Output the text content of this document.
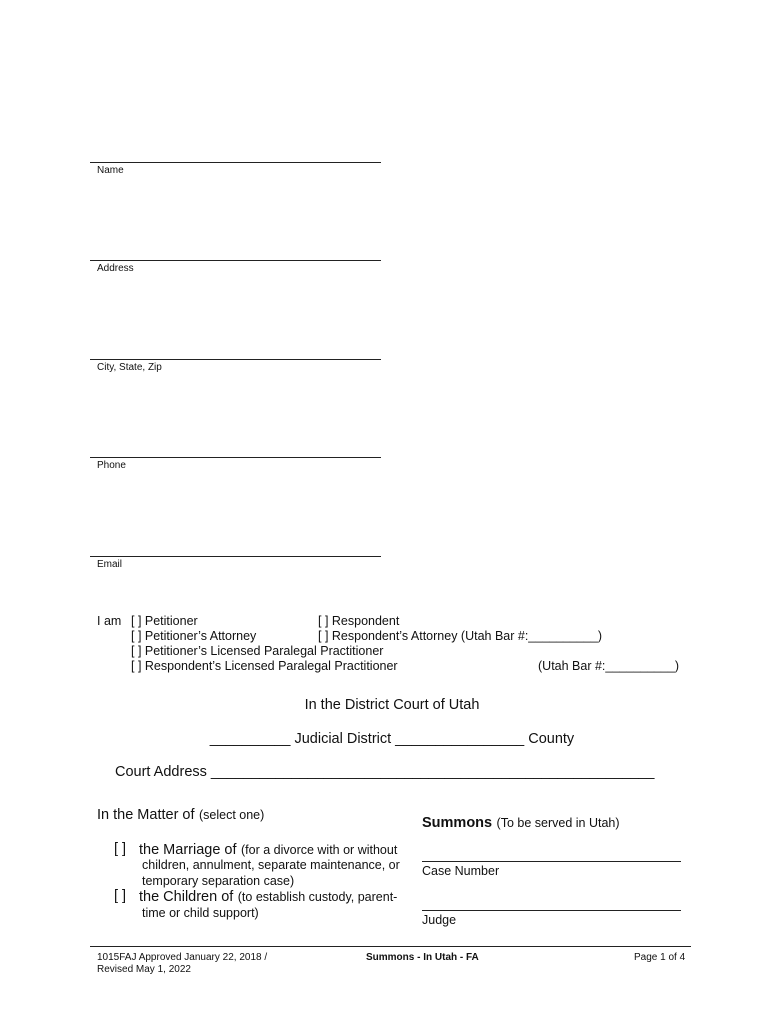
Name
Address
City, State, Zip
Phone
Email
I am [ ] Petitioner	[ ] Respondent
[ ] Petitioner’s Attorney	[ ] Respondent’s Attorney (Utah Bar #:__________)
[ ] Petitioner’s Licensed Paralegal Practitioner
[ ] Respondent’s Licensed Paralegal Practitioner	(Utah Bar #:__________)
In the District Court of Utah
__________ Judicial District ________________ County
Court Address _______________________________________________________
In the Matter of (select one)
[ ] the Marriage of (for a divorce with or without
children, annulment, separate maintenance, or
temporary separation case)
[ ] the Children of (to establish custody, parent-
time or child support)
Summons (To be served in Utah)
Case Number
Judge
1015FAJ Approved January 22, 2018 /
Revised May 1, 2022
Summons - In Utah - FA	Page 1 of 4
